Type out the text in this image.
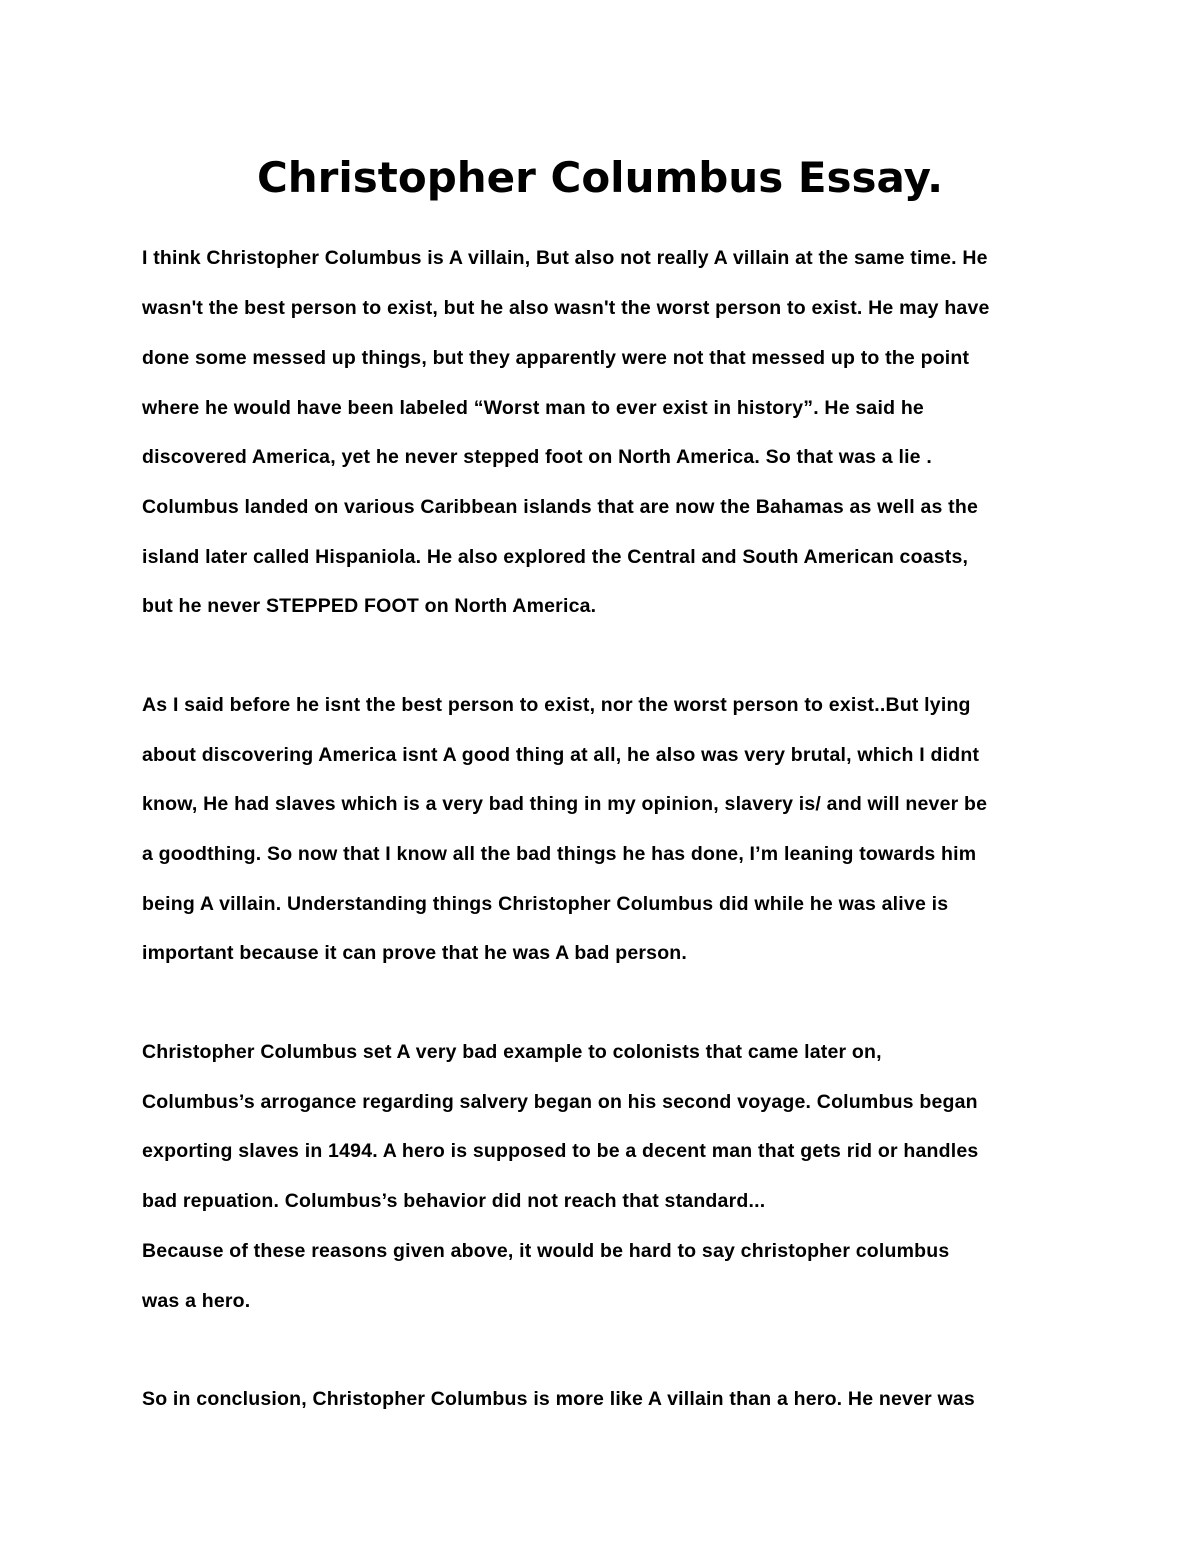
Christopher Columbus Essay.

I think Christopher Columbus is A villain, But also not really A villain at the same time. He

wasn't the best person to exist, but he also wasn't the worst person to exist. He may have

done some messed up things, but they apparently were not that messed up to the point

where he would have been labeled “Worst man to ever exist in history”. He said he

discovered America, yet he never stepped foot on North America. So that was a lie .

Columbus landed on various Caribbean islands that are now the Bahamas as well as the

island later called Hispaniola. He also explored the Central and South American coasts,

but he never STEPPED FOOT on North America.

As I said before he isnt the best person to exist, nor the worst person to exist..But lying

about discovering America isnt A good thing at all, he also was very brutal, which I didnt

know, He had slaves which is a very bad thing in my opinion, slavery is/ and will never be

a goodthing. So now that I know all the bad things he has done, I’m leaning towards him

being A villain. Understanding things Christopher Columbus did while he was alive is

important because it can prove that he was A bad person.

Christopher Columbus set A very bad example to colonists that came later on,

Columbus’s arrogance regarding salvery began on his second voyage. Columbus began

exporting slaves in 1494. A hero is supposed to be a decent man that gets rid or handles

bad repuation. Columbus’s behavior did not reach that standard...

Because of these reasons given above, it would be hard to say christopher columbus

was a hero.

So in conclusion, Christopher Columbus is more like A villain than a hero. He never was
